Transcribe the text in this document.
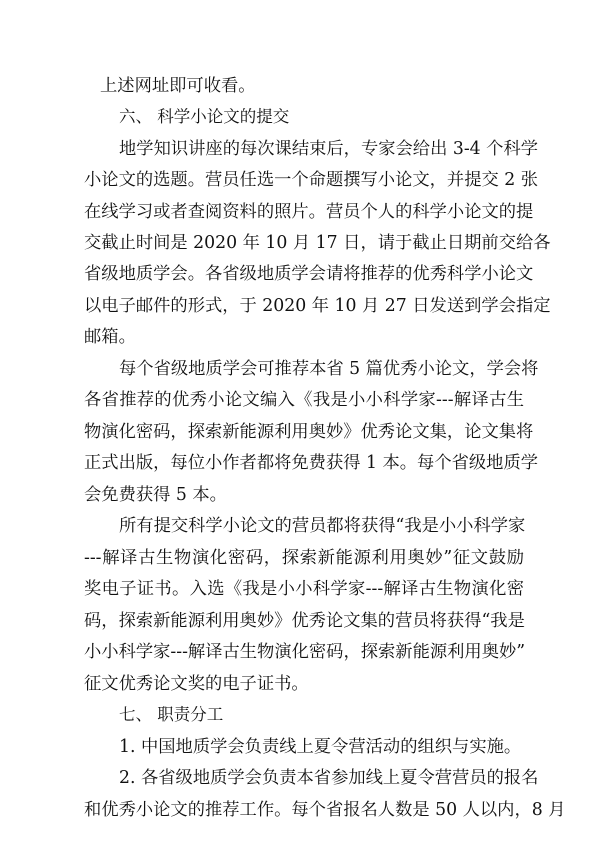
上述网址即可收看。
六、 科学小论文的提交
地学知识讲座的每次课结束后，专家会给出 3-4 个科学
小论文的选题。营员任选一个命题撰写小论文，并提交 2 张
在线学习或者查阅资料的照片。营员个人的科学小论文的提
交截止时间是 2020 年 10 月 17 日，请于截止日期前交给各
省级地质学会。各省级地质学会请将推荐的优秀科学小论文
以电子邮件的形式，于 2020 年 10 月 27 日发送到学会指定
邮箱。
每个省级地质学会可推荐本省 5 篇优秀小论文，学会将
各省推荐的优秀小论文编入《我是小小科学家---解译古生
物演化密码，探索新能源利用奥妙》优秀论文集，论文集将
正式出版，每位小作者都将免费获得 1 本。每个省级地质学
会免费获得 5 本。
所有提交科学小论文的营员都将获得“我是小小科学家
---解译古生物演化密码，探索新能源利用奥妙”征文鼓励
奖电子证书。入选《我是小小科学家---解译古生物演化密
码，探索新能源利用奥妙》优秀论文集的营员将获得“我是
小小科学家---解译古生物演化密码，探索新能源利用奥妙”
征文优秀论文奖的电子证书。
七、 职责分工
1. 中国地质学会负责线上夏令营活动的组织与实施。
2. 各省级地质学会负责本省参加线上夏令营营员的报名
和优秀小论文的推荐工作。每个省报名人数是 50 人以内，8 月
